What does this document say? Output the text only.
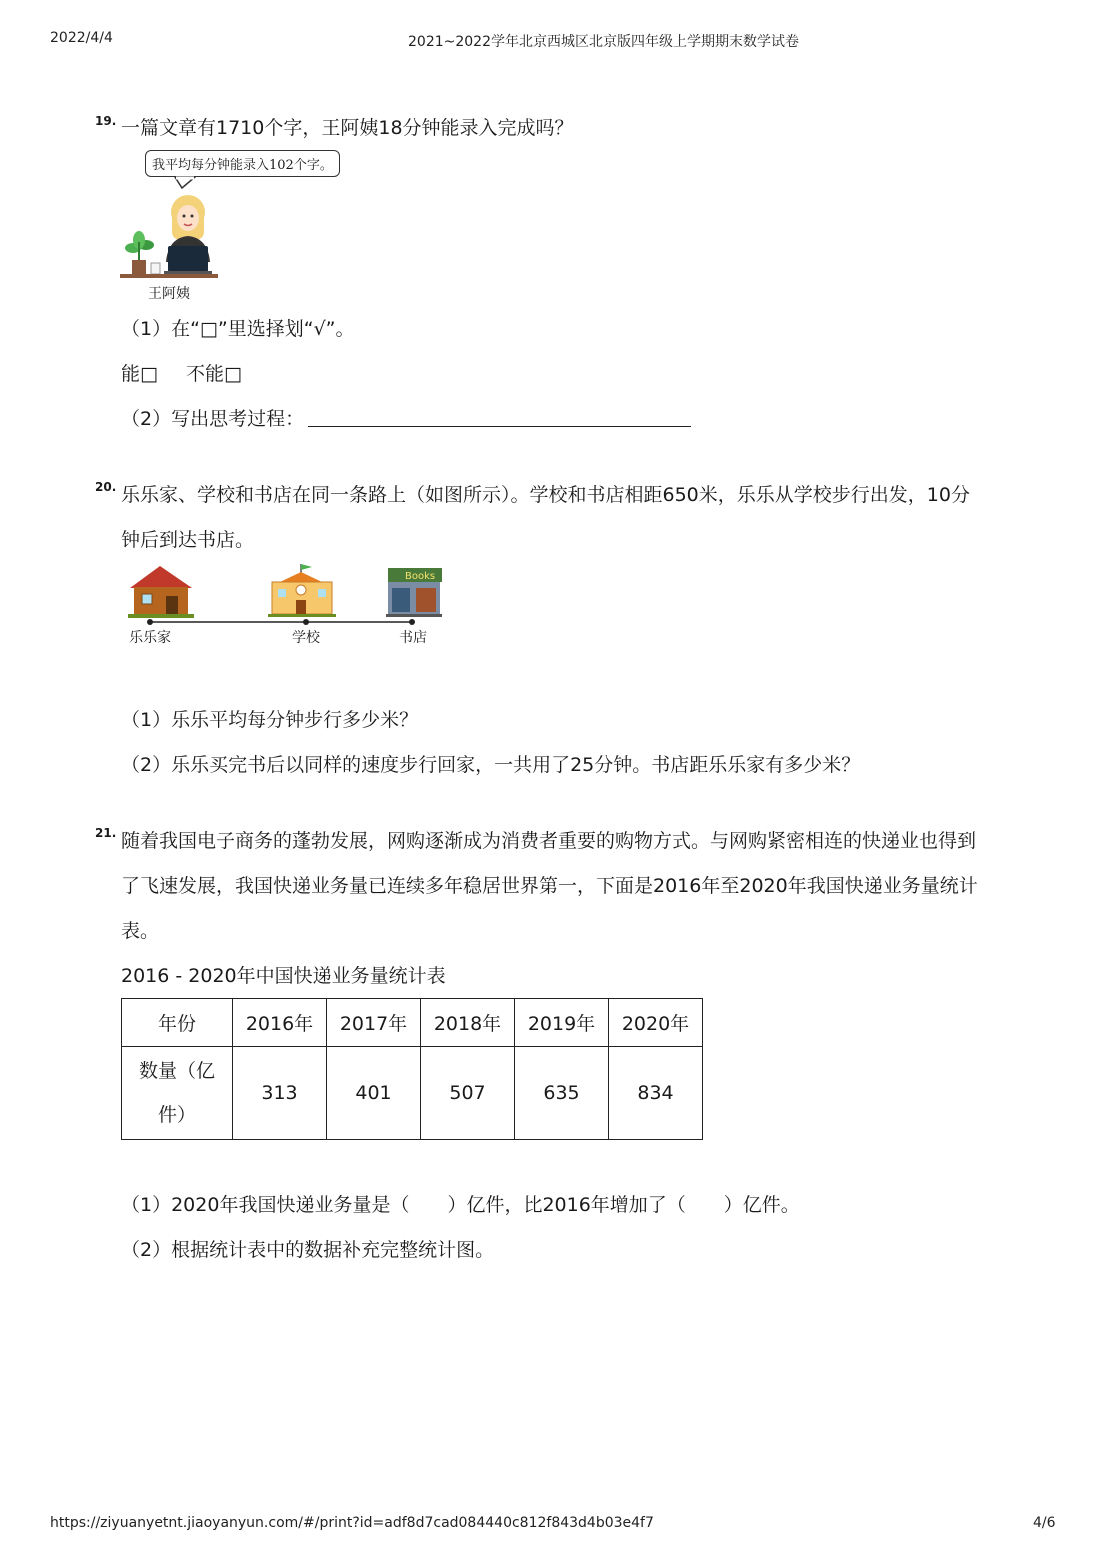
2022/4/4	2021~2022学年北京西城区北京版四年级上学期期末数学试卷
19. 一篇文章有1710个字，王阿姨18分钟能录入完成吗？
我平均每分钟能录入102个字。
王阿姨
（1）在“□”里选择划“√”。
能□ 不能□
（2）写出思考过程：
20. 乐乐家、学校和书店在同一条路上（如图所示）。学校和书店相距650米，乐乐从学校步行出发，10分
钟后到达书店。
Books
乐乐家	学校	书店
（1）乐乐平均每分钟步行多少米？
（2）乐乐买完书后以同样的速度步行回家，一共用了25分钟。书店距乐乐家有多少米？
21. 随着我国电子商务的蓬勃发展，网购逐渐成为消费者重要的购物方式。与网购紧密相连的快递业也得到
了飞速发展，我国快递业务量已连续多年稳居世界第一，下面是2016年至2020年我国快递业务量统计
表。
2016 - 2020年中国快递业务量统计表
年份	2016年	2017年	2018年	2019年	2020年

数量（亿
件）	313	401	507	635	834
（1）2020年我国快递业务量是（　　）亿件，比2016年增加了（　　）亿件。
（2）根据统计表中的数据补充完整统计图。
https://ziyuanyetnt.jiaoyanyun.com/#/print?id=adf8d7cad084440c812f843d4b03e4f7	4/6
